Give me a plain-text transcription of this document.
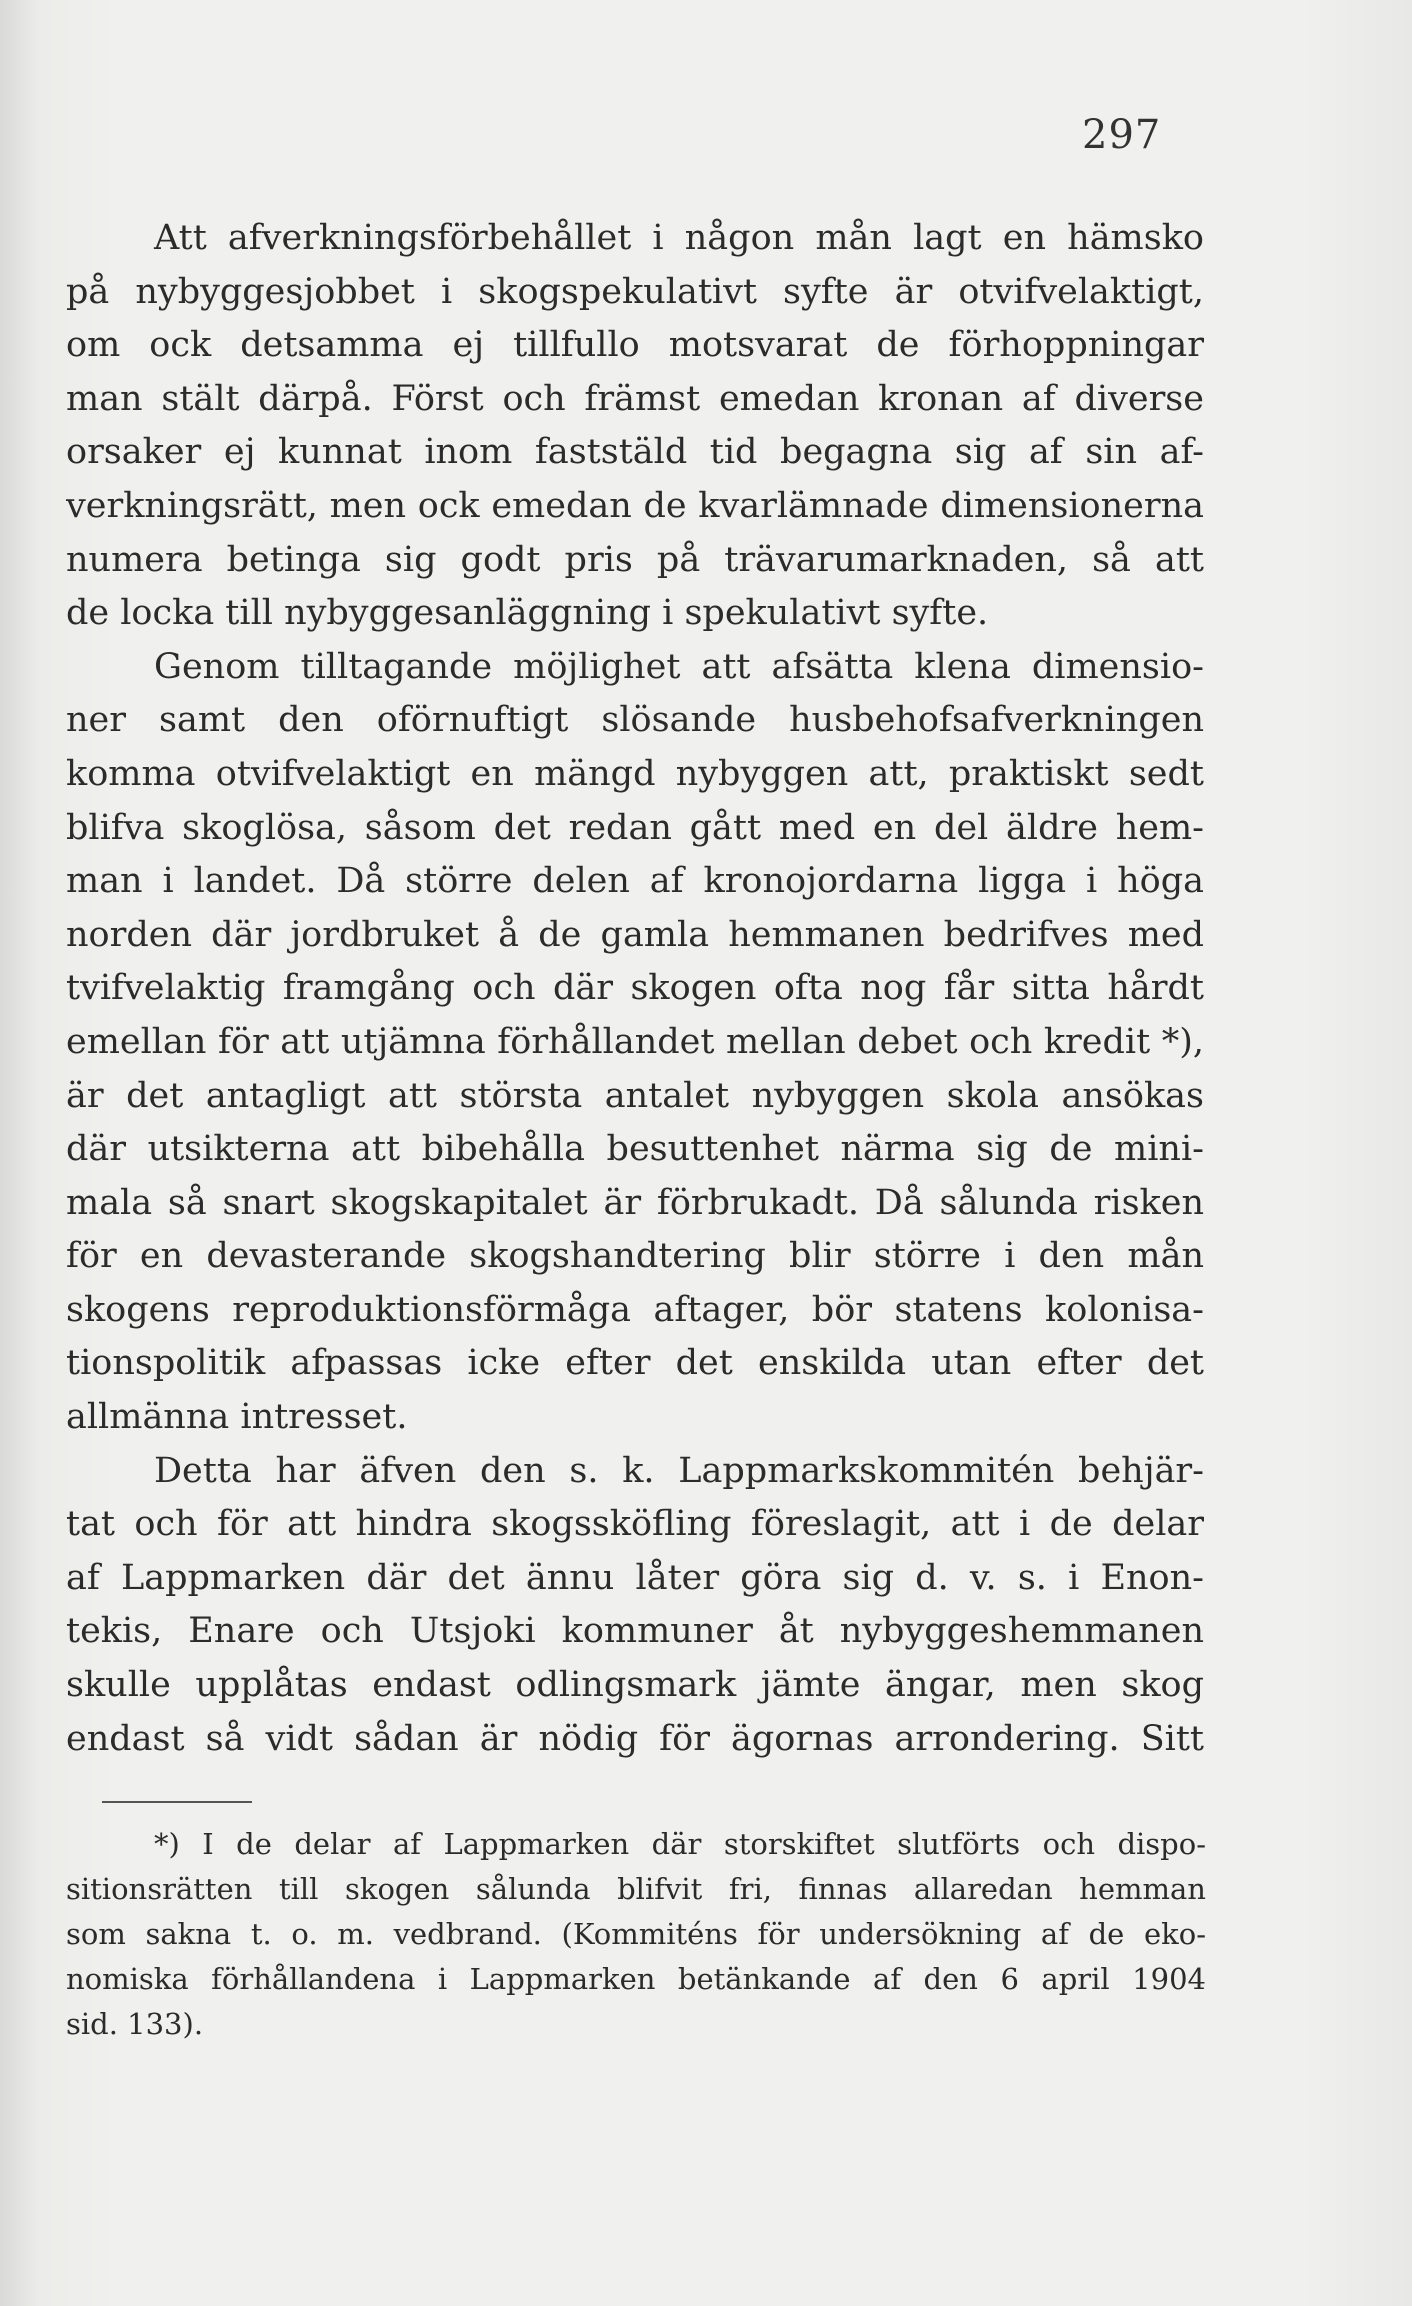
297
Att afverkningsförbehållet i någon mån lagt en hämsko
på nybyggesjobbet i skogspekulativt syfte är otvifvelaktigt,
om ock detsamma ej tillfullo motsvarat de förhoppningar
man stält därpå. Först och främst emedan kronan af diverse
orsaker ej kunnat inom faststäld tid begagna sig af sin af-
verkningsrätt, men ock emedan de kvarlämnade dimensionerna
numera betinga sig godt pris på trävarumarknaden, så att
de locka till nybyggesanläggning i spekulativt syfte.
Genom tilltagande möjlighet att afsätta klena dimensio-
ner samt den oförnuftigt slösande husbehofsafverkningen
komma otvifvelaktigt en mängd nybyggen att, praktiskt sedt
blifva skoglösa, såsom det redan gått med en del äldre hem-
man i landet. Då större delen af kronojordarna ligga i höga
norden där jordbruket å de gamla hemmanen bedrifves med
tvifvelaktig framgång och där skogen ofta nog får sitta hårdt
emellan för att utjämna förhållandet mellan debet och kredit *),
är det antagligt att största antalet nybyggen skola ansökas
där utsikterna att bibehålla besuttenhet närma sig de mini-
mala så snart skogskapitalet är förbrukadt. Då sålunda risken
för en devasterande skogshandtering blir större i den mån
skogens reproduktionsförmåga aftager, bör statens kolonisa-
tionspolitik afpassas icke efter det enskilda utan efter det
allmänna intresset.
Detta har äfven den s. k. Lappmarkskommitén behjär-
tat och för att hindra skogssköfling föreslagit, att i de delar
af Lappmarken där det ännu låter göra sig d. v. s. i Enon-
tekis, Enare och Utsjoki kommuner åt nybyggeshemmanen
skulle upplåtas endast odlingsmark jämte ängar, men skog
endast så vidt sådan är nödig för ägornas arrondering. Sitt
*) I de delar af Lappmarken där storskiftet slutförts och dispo-
sitionsrätten till skogen sålunda blifvit fri, finnas allaredan hemman
som sakna t. o. m. vedbrand. (Kommiténs för undersökning af de eko-
nomiska förhållandena i Lappmarken betänkande af den 6 april 1904
sid. 133).
